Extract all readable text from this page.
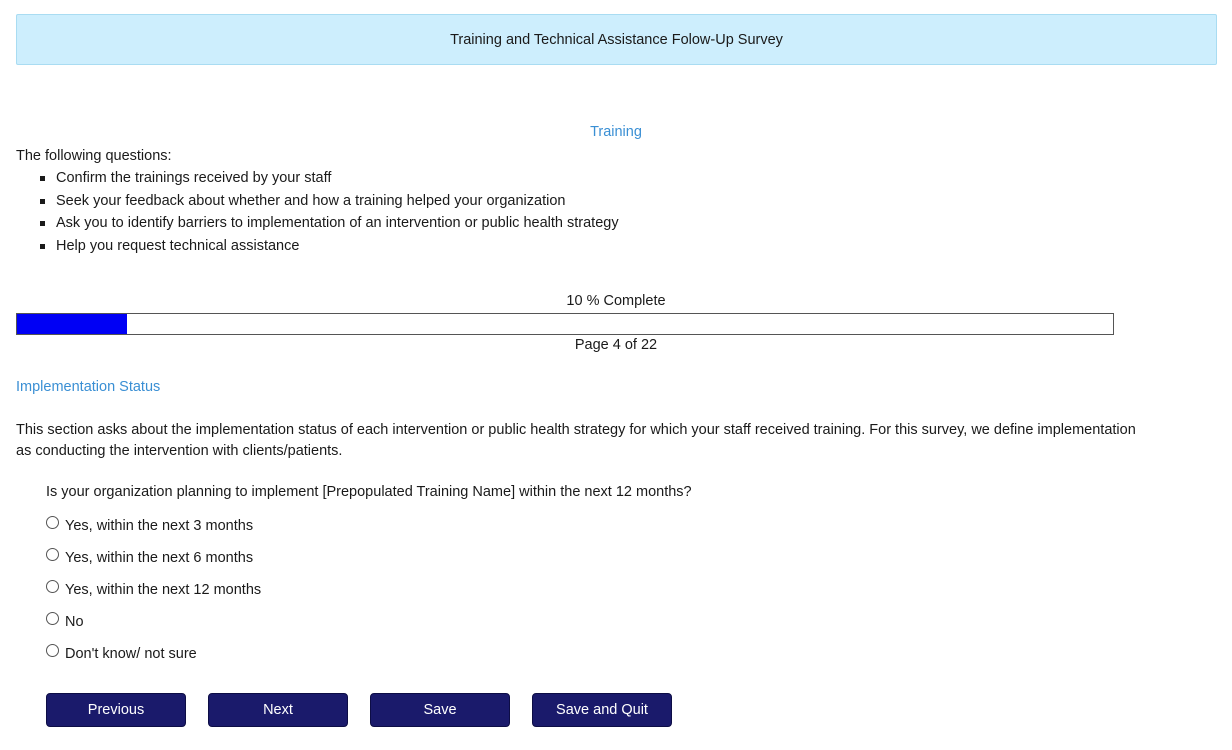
Training and Technical Assistance Folow-Up Survey
Training
The following questions:
Confirm the trainings received by your staff
Seek your feedback about whether and how a training helped your organization
Ask you to identify barriers to implementation of an intervention or public health strategy
Help you request technical assistance
10 % Complete
Page 4 of 22
Implementation Status
This section asks about the implementation status of each intervention or public health strategy for which your staff received training. For this survey, we define implementation as conducting the intervention with clients/patients.
Is your organization planning to implement [Prepopulated Training Name] within the next 12 months?
Yes, within the next 3 months
Yes, within the next 6 months
Yes, within the next 12 months
No
Don't know/ not sure
Previous	Next	Save	Save and Quit
